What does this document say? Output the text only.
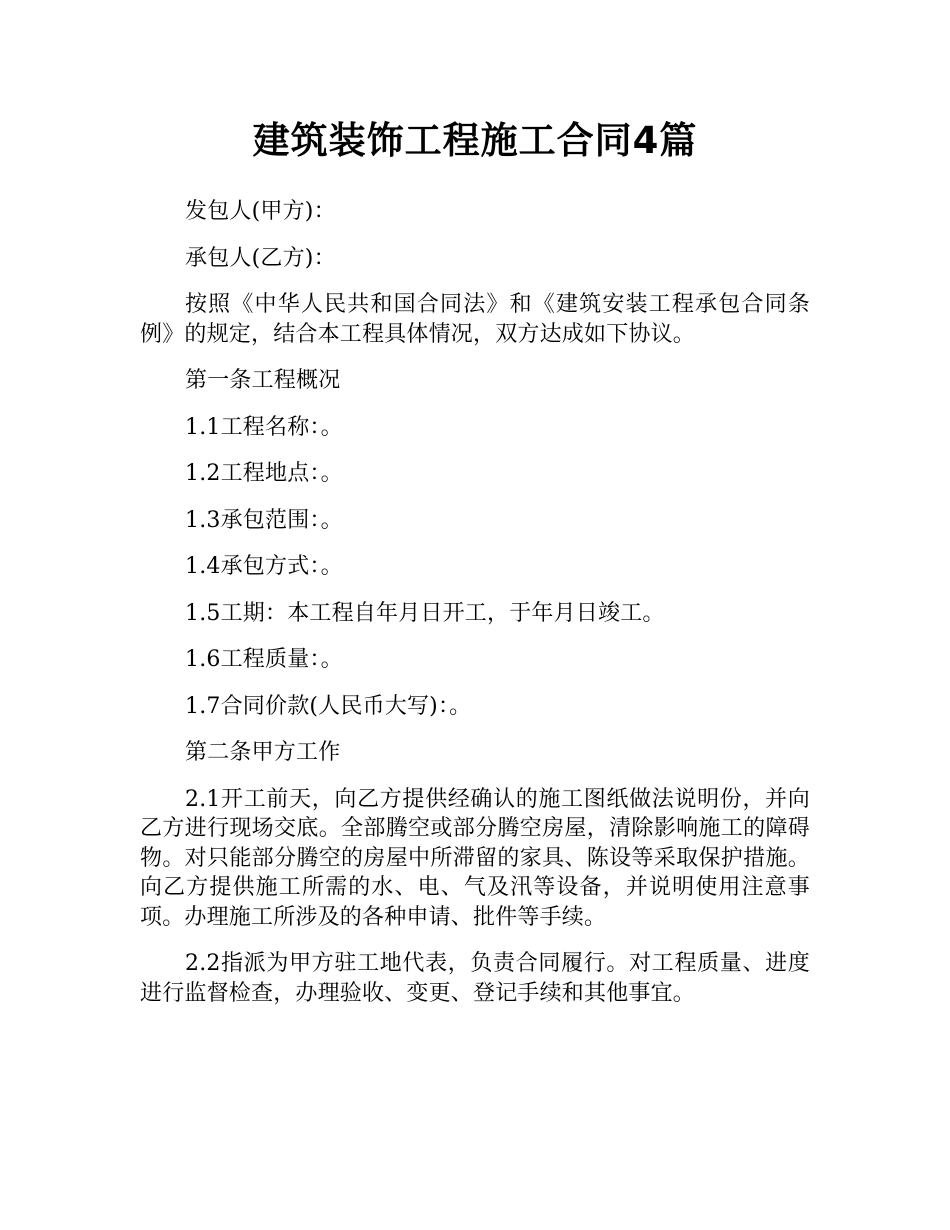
建筑装饰工程施工合同4篇

发包人(甲方)：

承包人(乙方)：

按照《中华人民共和国合同法》和《建筑安装工程承包合同条例》的规定，结合本工程具体情况，双方达成如下协议。

第一条工程概况

1.1工程名称：。

1.2工程地点：。

1.3承包范围：。

1.4承包方式：。

1.5工期：本工程自年月日开工，于年月日竣工。

1.6工程质量：。

1.7合同价款(人民币大写)：。

第二条甲方工作

2.1开工前天，向乙方提供经确认的施工图纸做法说明份，并向乙方进行现场交底。全部腾空或部分腾空房屋，清除影响施工的障碍物。对只能部分腾空的房屋中所滞留的家具、陈设等采取保护措施。向乙方提供施工所需的水、电、气及汛等设备，并说明使用注意事项。办理施工所涉及的各种申请、批件等手续。

2.2指派为甲方驻工地代表，负责合同履行。对工程质量、进度进行监督检查，办理验收、变更、登记手续和其他事宜。
